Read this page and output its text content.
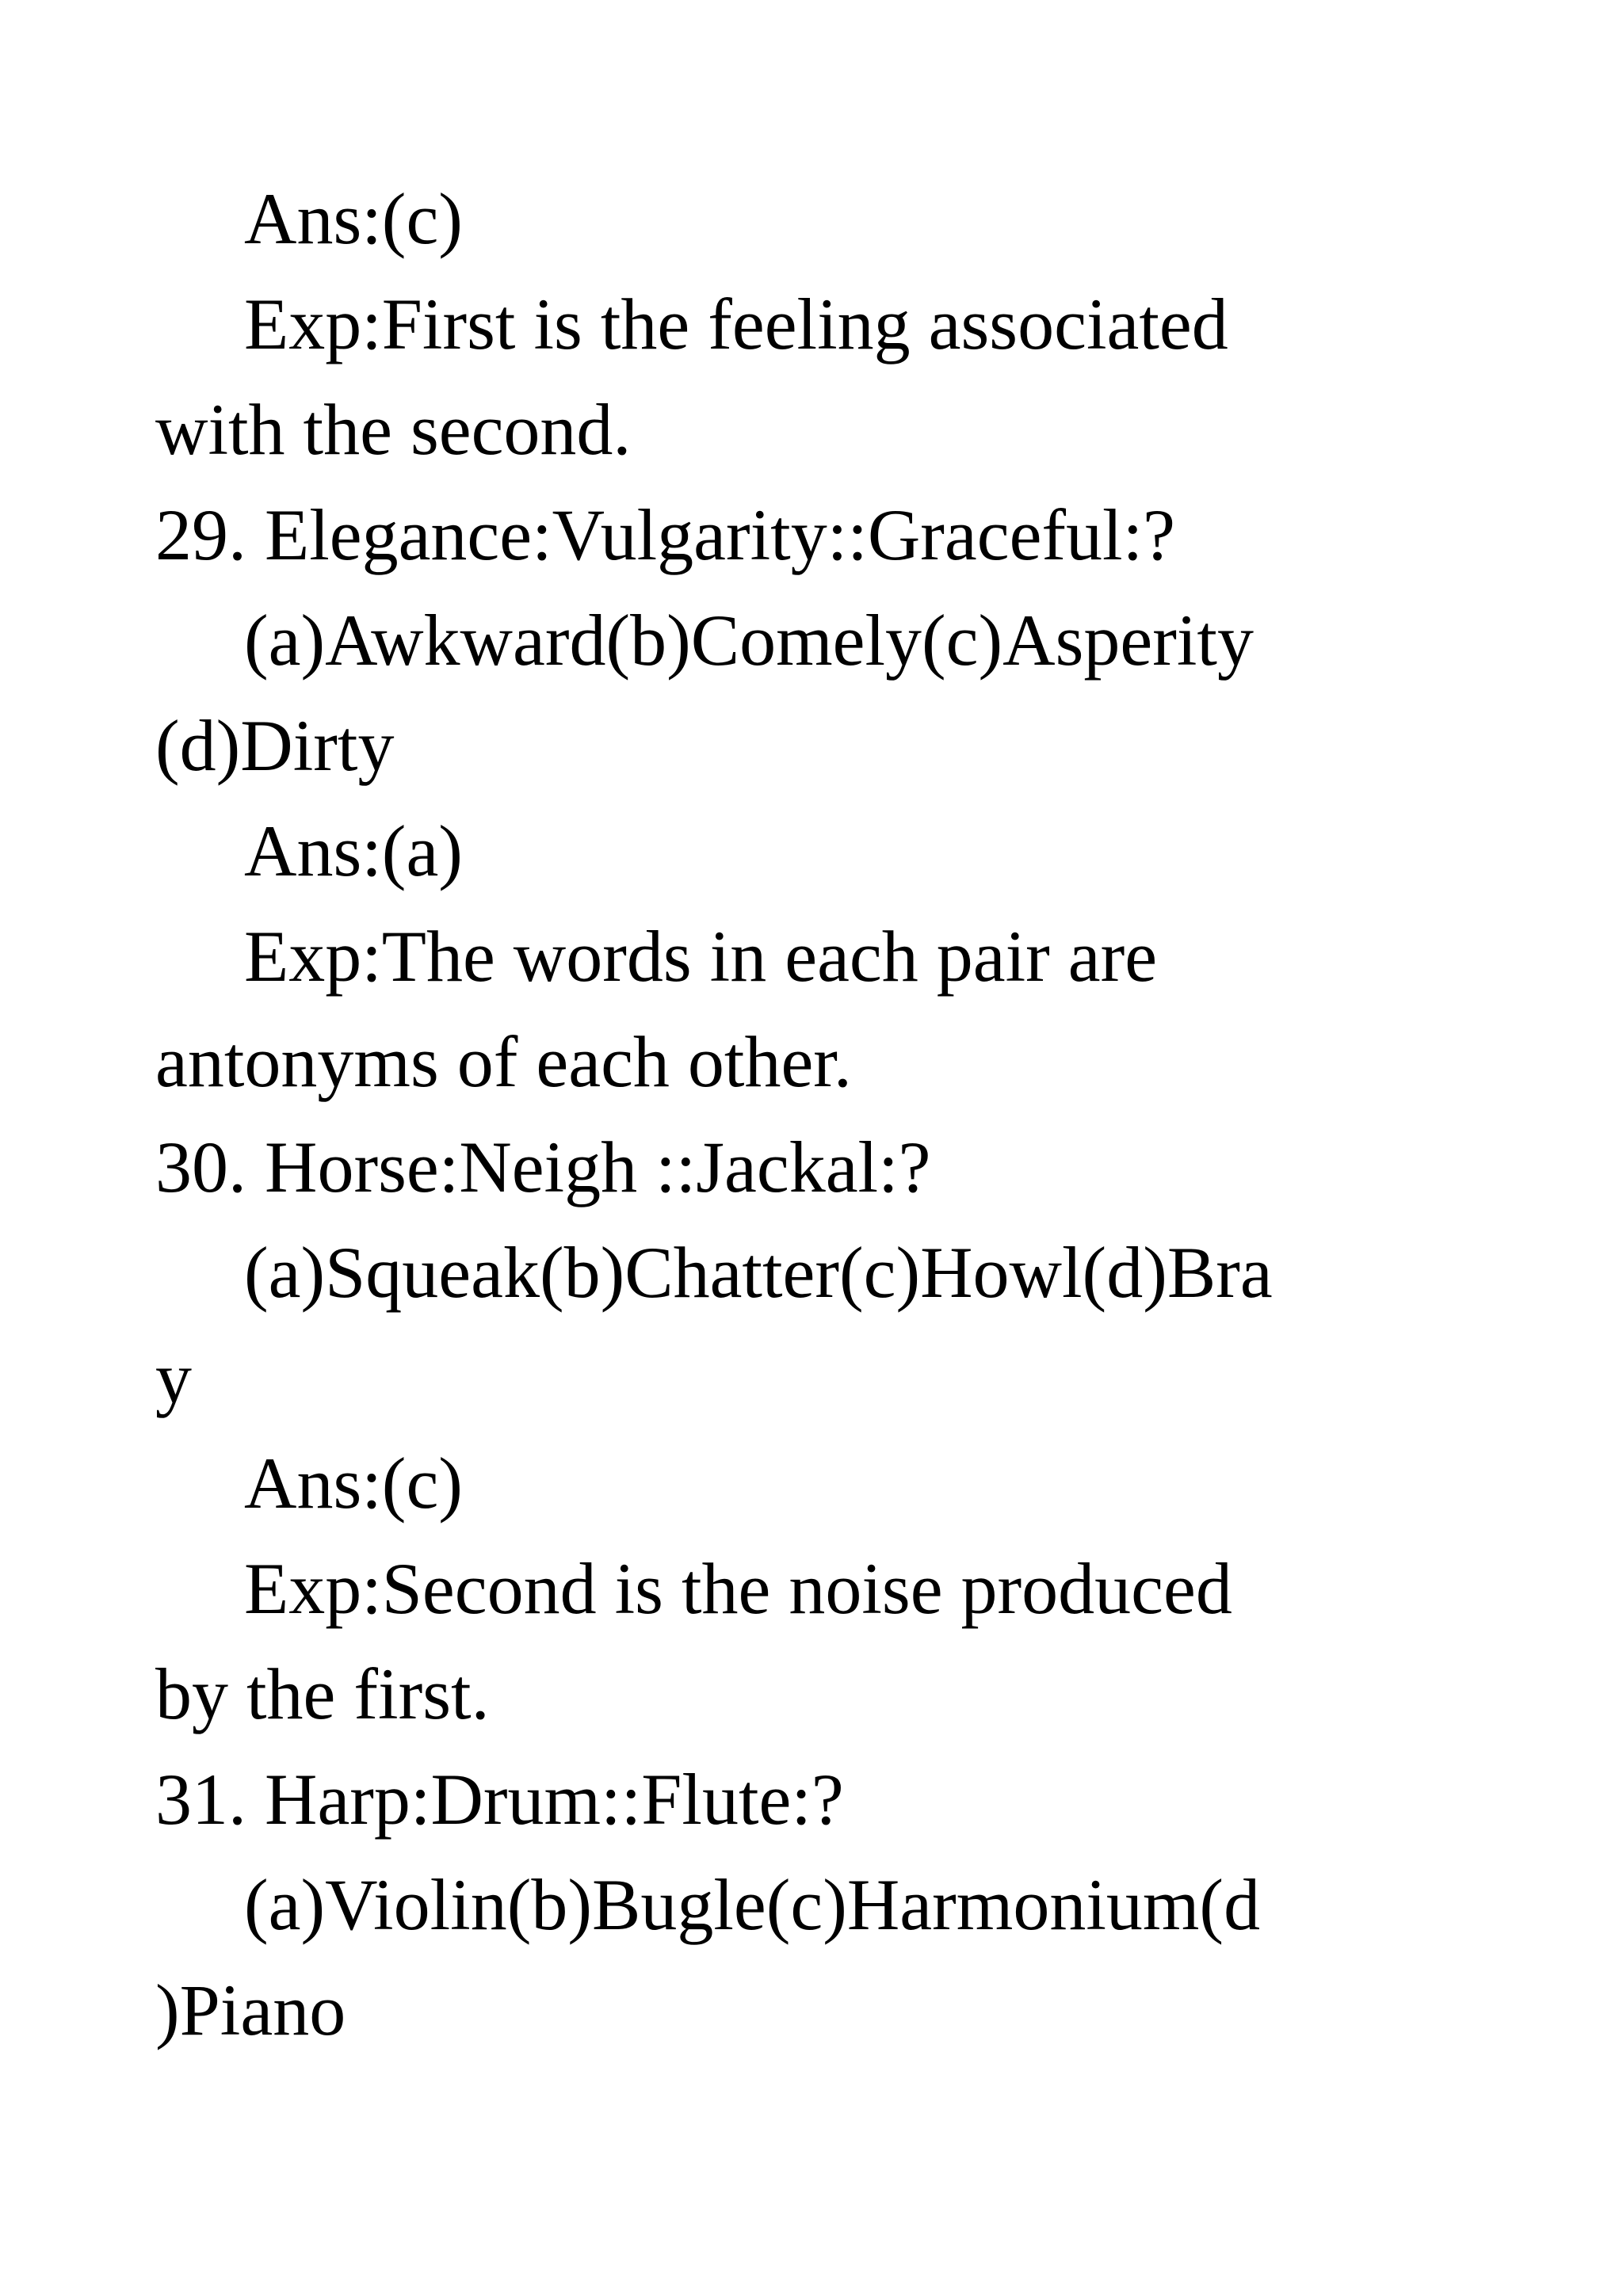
Ans:(c)
Exp:First is the feeling associated
with the second.
29. Elegance:Vulgarity::Graceful:?
(a)Awkward(b)Comely(c)Asperity
(d)Dirty
Ans:(a)
Exp:The words in each pair are
antonyms of each other.
30. Horse:Neigh ::Jackal:?
(a)Squeak(b)Chatter(c)Howl(d)Bra
y
Ans:(c)
Exp:Second is the noise produced
by the first.
31. Harp:Drum::Flute:?
(a)Violin(b)Bugle(c)Harmonium(d
)Piano
